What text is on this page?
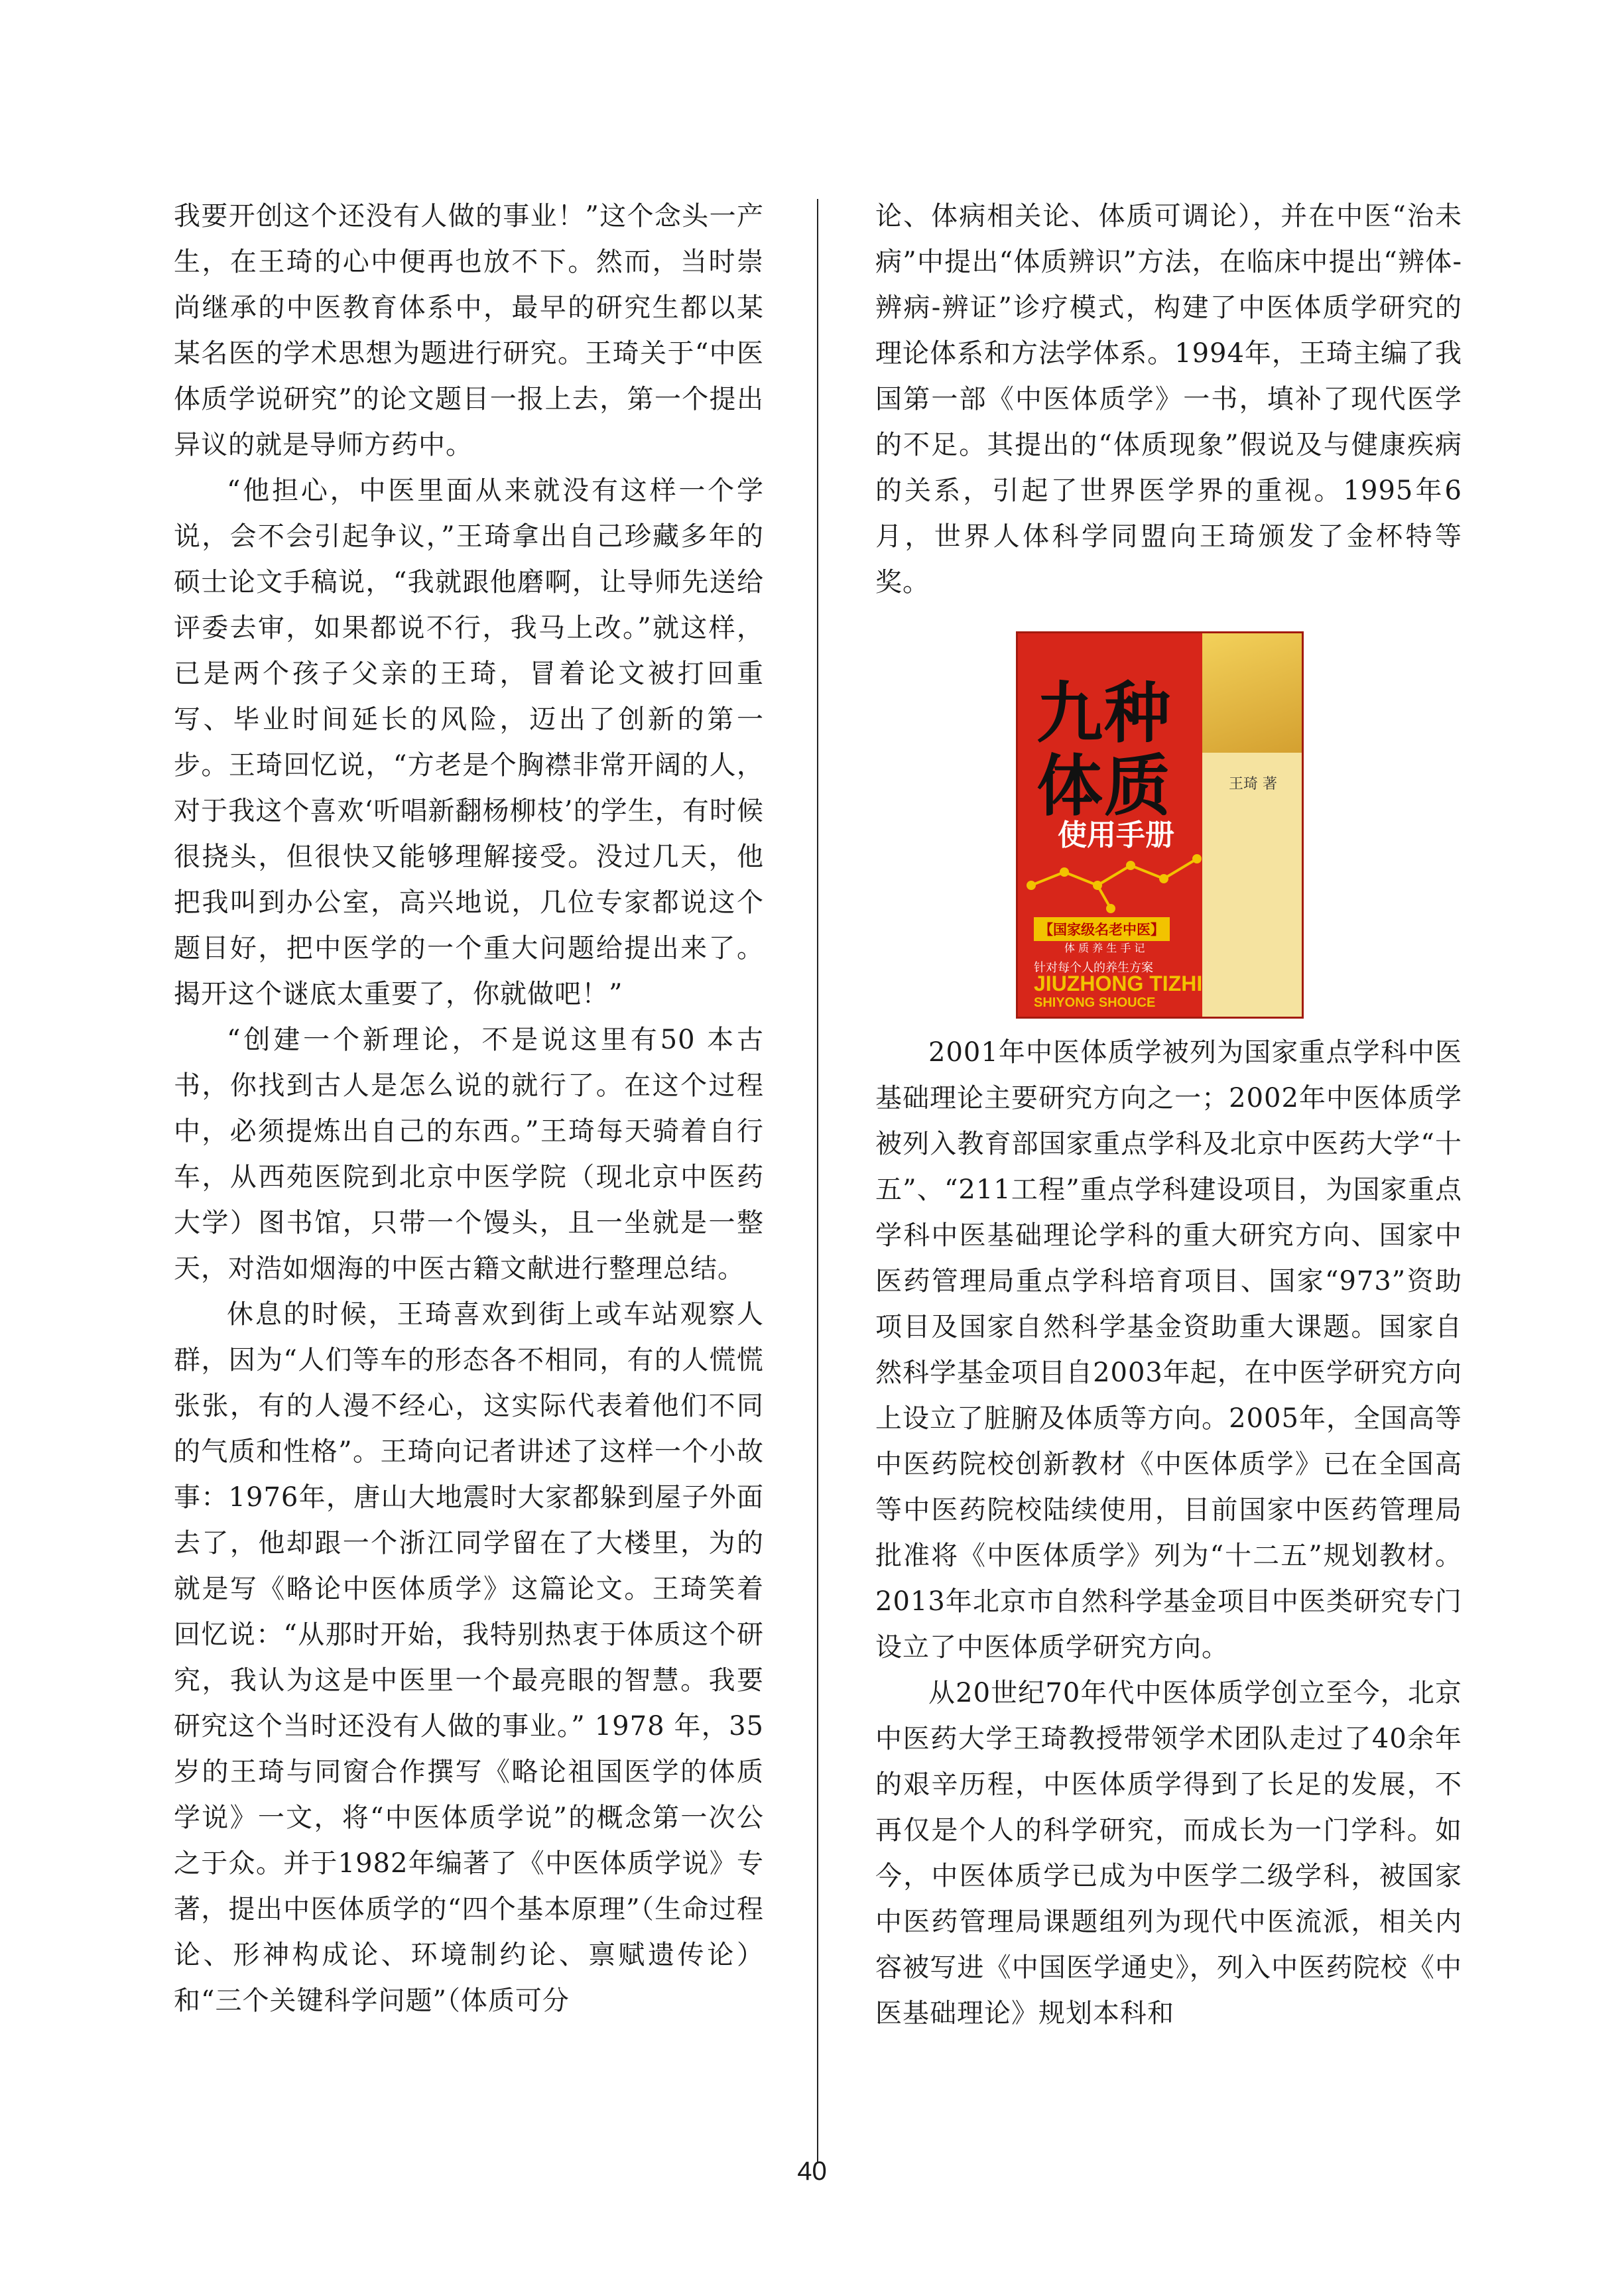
我要开创这个还没有人做的事业！”这个念头一产生，在王琦的心中便再也放不下。然而，当时崇尚继承的中医教育体系中，最早的研究生都以某某名医的学术思想为题进行研究。王琦关于“中医体质学说研究”的论文题目一报上去，第一个提出异议的就是导师方药中。

“他担心，中医里面从来就没有这样一个学说，会不会引起争议，”王琦拿出自己珍藏多年的硕士论文手稿说，“我就跟他磨啊，让导师先送给评委去审，如果都说不行，我马上改。”就这样，已是两个孩子父亲的王琦，冒着论文被打回重写、毕业时间延长的风险，迈出了创新的第一步。王琦回忆说，“方老是个胸襟非常开阔的人，对于我这个喜欢‘听唱新翻杨柳枝’的学生，有时候很挠头，但很快又能够理解接受。没过几天，他把我叫到办公室，高兴地说，几位专家都说这个题目好，把中医学的一个重大问题给提出来了。揭开这个谜底太重要了，你就做吧！”

“创建一个新理论，不是说这里有50 本古书，你找到古人是怎么说的就行了。在这个过程中，必须提炼出自己的东西。”王琦每天骑着自行车，从西苑医院到北京中医学院（现北京中医药大学）图书馆，只带一个馒头，且一坐就是一整天，对浩如烟海的中医古籍文献进行整理总结。

休息的时候，王琦喜欢到街上或车站观察人群，因为“人们等车的形态各不相同，有的人慌慌张张，有的人漫不经心，这实际代表着他们不同的气质和性格”。王琦向记者讲述了这样一个小故事：1976年，唐山大地震时大家都躲到屋子外面去了，他却跟一个浙江同学留在了大楼里，为的就是写《略论中医体质学》这篇论文。王琦笑着回忆说：“从那时开始，我特别热衷于体质这个研究，我认为这是中医里一个最亮眼的智慧。我要研究这个当时还没有人做的事业。” 1978 年，35 岁的王琦与同窗合作撰写《略论祖国医学的体质学说》一文，将“中医体质学说”的概念第一次公之于众。并于1982年编著了《中医体质学说》专著，提出中医体质学的“四个基本原理”（生命过程论、形神构成论、环境制约论、禀赋遗传论）和“三个关键科学问题”（体质可分

论、体病相关论、体质可调论），并在中医“治未病”中提出“体质辨识”方法，在临床中提出“辨体-辨病-辨证”诊疗模式，构建了中医体质学研究的理论体系和方法学体系。1994年，王琦主编了我国第一部《中医体质学》一书，填补了现代医学的不足。其提出的“体质现象”假说及与健康疾病的关系，引起了世界医学界的重视。1995年6月，世界人体科学同盟向王琦颁发了金杯特等奖。

2001年中医体质学被列为国家重点学科中医基础理论主要研究方向之一；2002年中医体质学被列入教育部国家重点学科及北京中医药大学“十五”、“211工程”重点学科建设项目，为国家重点学科中医基础理论学科的重大研究方向、国家中医药管理局重点学科培育项目、国家“973”资助项目及国家自然科学基金资助重大课题。国家自然科学基金项目自2003年起，在中医学研究方向上设立了脏腑及体质等方向。2005年，全国高等中医药院校创新教材《中医体质学》已在全国高等中医药院校陆续使用，目前国家中医药管理局批准将《中医体质学》列为“十二五”规划教材。2013年北京市自然科学基金项目中医类研究专门设立了中医体质学研究方向。

从20世纪70年代中医体质学创立至今，北京中医药大学王琦教授带领学术团队走过了40余年的艰辛历程，中医体质学得到了长足的发展，不再仅是个人的科学研究，而成长为一门学科。如今，中医体质学已成为中医学二级学科，被国家中医药管理局课题组列为现代中医流派，相关内容被写进《中国医学通史》，列入中医药院校《中医基础理论》规划本科和

九种
体质
使用手册
王琦 著
【国家级名老中医】
体 质 养 生 手 记
针对每个人的养生方案
JIUZHONG TIZHI
SHIYONG SHOUCE
40
